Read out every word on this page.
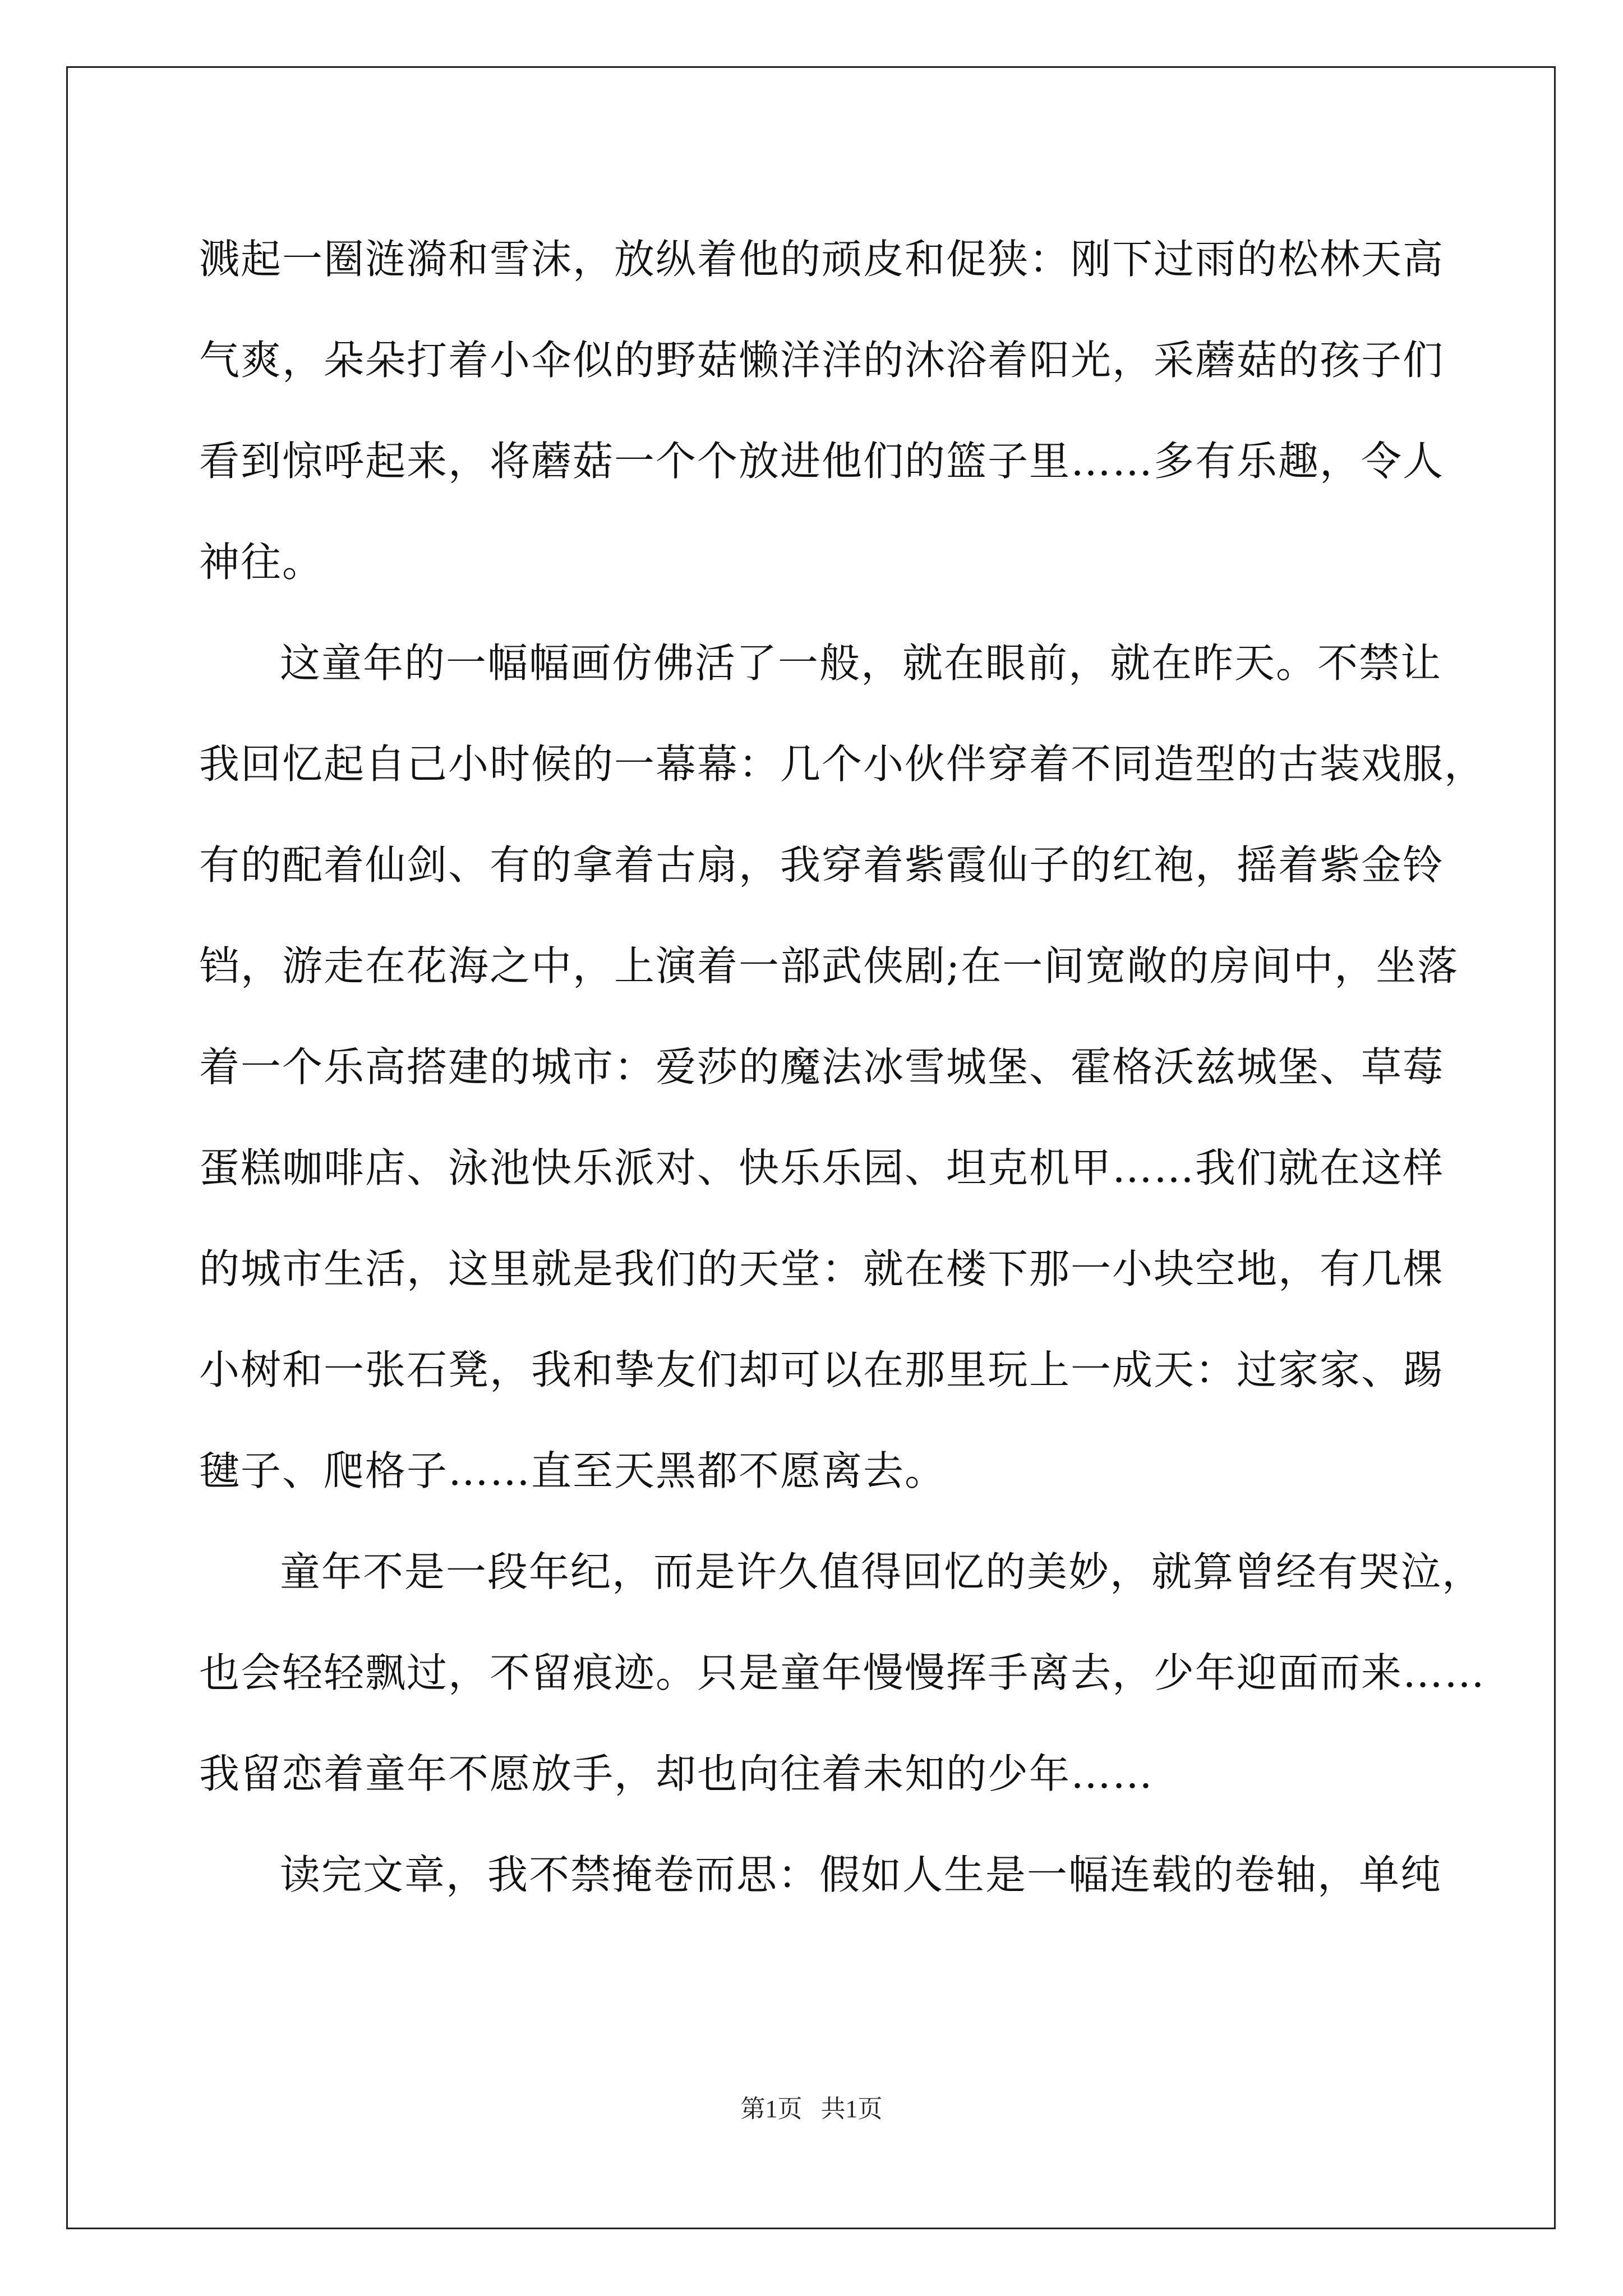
溅起一圈涟漪和雪沫，放纵着他的顽皮和促狭：刚下过雨的松林天高
气爽，朵朵打着小伞似的野菇懒洋洋的沐浴着阳光，采蘑菇的孩子们
看到惊呼起来，将蘑菇一个个放进他们的篮子里……多有乐趣，令人
神往。
这童年的一幅幅画仿佛活了一般，就在眼前，就在昨天。不禁让
我回忆起自己小时候的一幕幕：几个小伙伴穿着不同造型的古装戏服，
有的配着仙剑、有的拿着古扇，我穿着紫霞仙子的红袍，摇着紫金铃
铛，游走在花海之中，上演着一部武侠剧;在一间宽敞的房间中，坐落
着一个乐高搭建的城市：爱莎的魔法冰雪城堡、霍格沃兹城堡、草莓
蛋糕咖啡店、泳池快乐派对、快乐乐园、坦克机甲……我们就在这样
的城市生活，这里就是我们的天堂：就在楼下那一小块空地，有几棵
小树和一张石凳，我和挚友们却可以在那里玩上一成天：过家家、踢
毽子、爬格子……直至天黑都不愿离去。
童年不是一段年纪，而是许久值得回忆的美妙，就算曾经有哭泣，
也会轻轻飘过，不留痕迹。只是童年慢慢挥手离去，少年迎面而来……
我留恋着童年不愿放手，却也向往着未知的少年……
读完文章，我不禁掩卷而思：假如人生是一幅连载的卷轴，单纯
第1页 共1页
